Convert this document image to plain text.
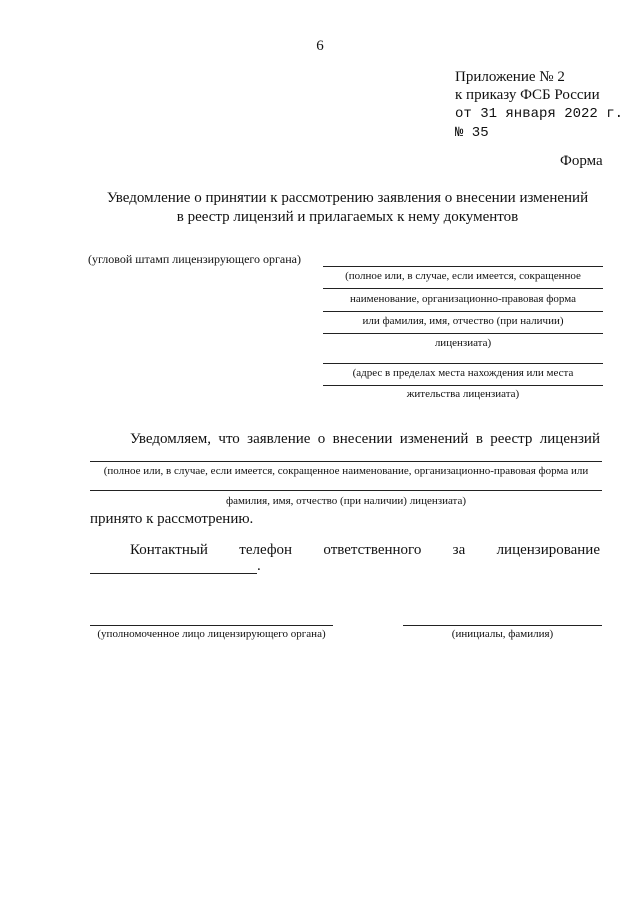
6
Приложение № 2
к приказу ФСБ России
от 31 января 2022 г.
№ 35
Форма
Уведомление о принятии к рассмотрению заявления о внесении изменений
в реестр лицензий и прилагаемых к нему документов
(угловой штамп лицензирующего органа)
(полное или, в случае, если имеется, сокращенное
наименование, организационно-правовая форма
или фамилия, имя, отчество (при наличии)
лицензиата)
(адрес в пределах места нахождения или места
жительства лицензиата)
Уведомляем, что заявление о внесении изменений в реестр лицензий
(полное или, в случае, если имеется, сокращенное наименование, организационно-правовая форма или
фамилия, имя, отчество (при наличии) лицензиата)
принято к рассмотрению.
Контактный телефон ответственного за лицензирование
.
(уполномоченное лицо лицензирующего органа)	(инициалы, фамилия)
